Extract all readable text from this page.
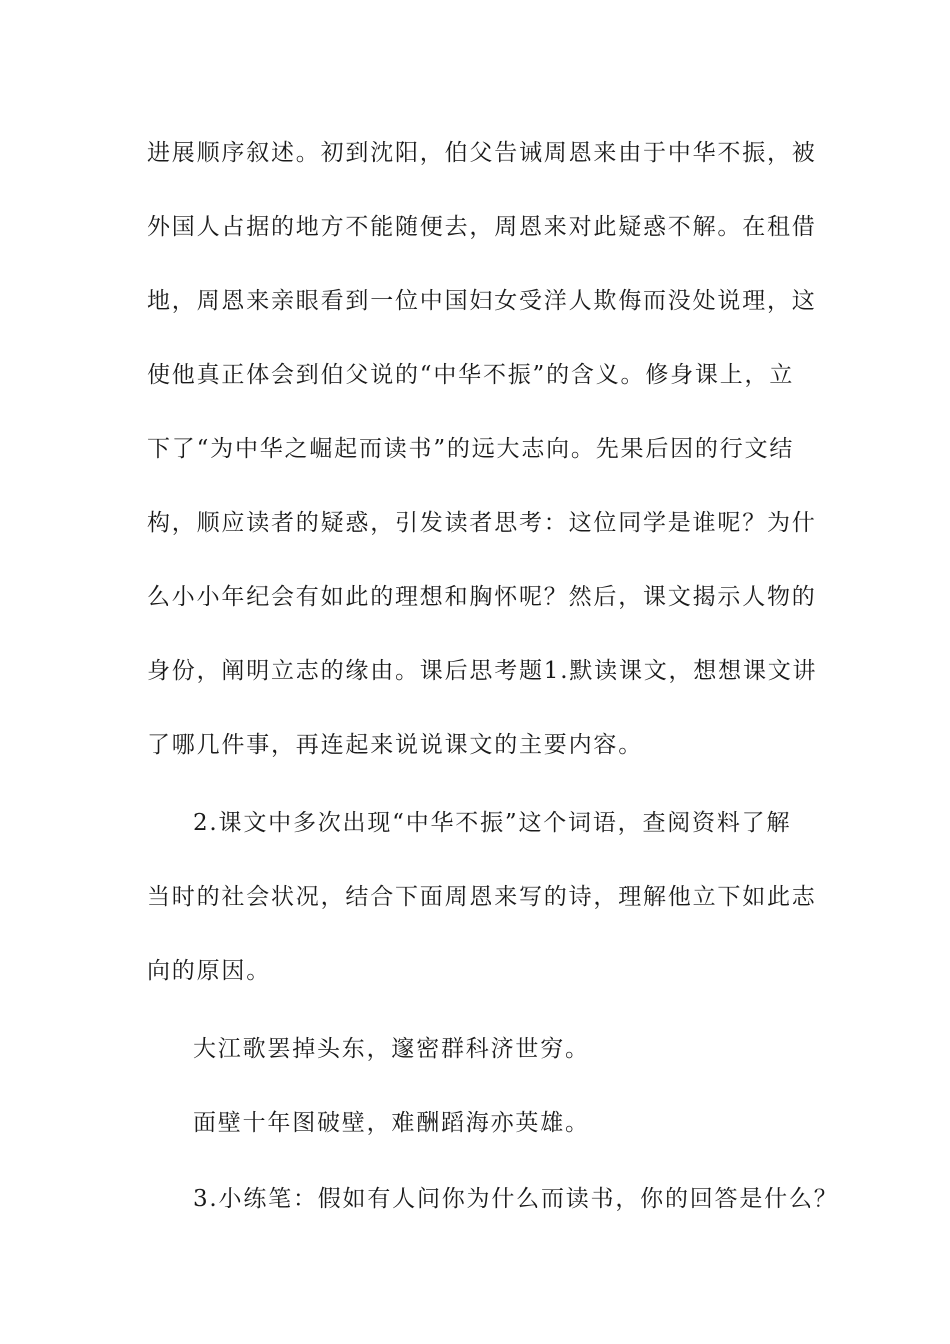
进展顺序叙述。初到沈阳，伯父告诫周恩来由于中华不振，被
外国人占据的地方不能随便去，周恩来对此疑惑不解。在租借
地，周恩来亲眼看到一位中国妇女受洋人欺侮而没处说理，这
使他真正体会到伯父说的“中华不振”的含义。修身课上，立
下了“为中华之崛起而读书”的远大志向。先果后因的行文结
构，顺应读者的疑惑，引发读者思考：这位同学是谁呢？为什
么小小年纪会有如此的理想和胸怀呢？然后，课文揭示人物的
身份，阐明立志的缘由。课后思考题1.默读课文，想想课文讲
了哪几件事，再连起来说说课文的主要内容。
2.课文中多次出现“中华不振”这个词语，查阅资料了解
当时的社会状况，结合下面周恩来写的诗，理解他立下如此志
向的原因。
大江歌罢掉头东，邃密群科济世穷。
面壁十年图破壁，难酬蹈海亦英雄。
3.小练笔：假如有人问你为什么而读书，你的回答是什么？
